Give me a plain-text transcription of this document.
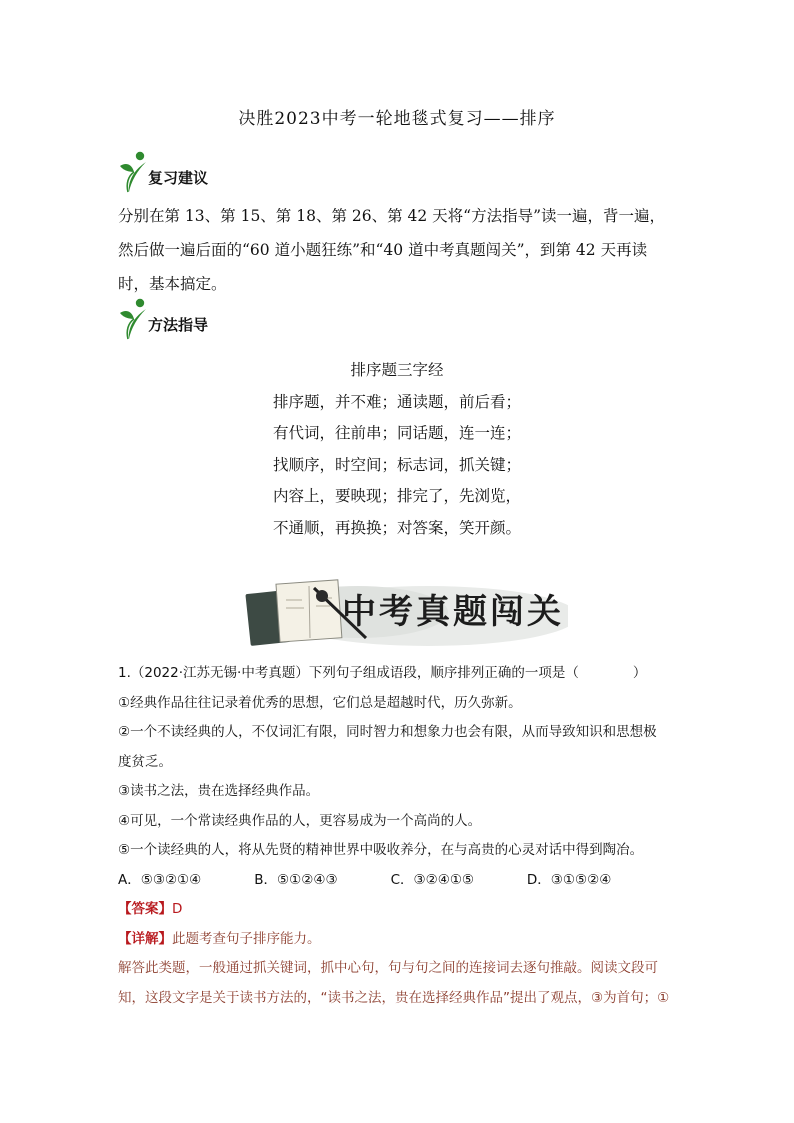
决胜2023中考一轮地毯式复习——排序
复习建议
分别在第 13、第 15、第 18、第 26、第 42 天将“方法指导”读一遍，背一遍，
然后做一遍后面的“60 道小题狂练”和“40 道中考真题闯关”，到第 42 天再读
时，基本搞定。
方法指导
排序题三字经
排序题，并不难；通读题，前后看；
有代词，往前串；同话题，连一连；
找顺序，时空间；标志词，抓关键；
内容上，要映现；排完了，先浏览，
不通顺，再换换；对答案，笑开颜。
中考真题闯关
1.（2022·江苏无锡·中考真题）下列句子组成语段，顺序排列正确的一项是（　　　　）
①经典作品往往记录着优秀的思想，它们总是超越时代，历久弥新。
②一个不读经典的人，不仅词汇有限，同时智力和想象力也会有限，从而导致知识和思想极
度贫乏。
③读书之法，贵在选择经典作品。
④可见，一个常读经典作品的人，更容易成为一个高尚的人。
⑤一个读经典的人，将从先贤的精神世界中吸收养分，在与高贵的心灵对话中得到陶冶。
A．⑤③②①④	B．⑤①②④③	C．③②④①⑤	D．③①⑤②④
【答案】D
【详解】此题考查句子排序能力。
解答此类题，一般通过抓关键词，抓中心句，句与句之间的连接词去逐句推敲。阅读文段可
知，这段文字是关于读书方法的，“读书之法，贵在选择经典作品”提出了观点，③为首句；①
